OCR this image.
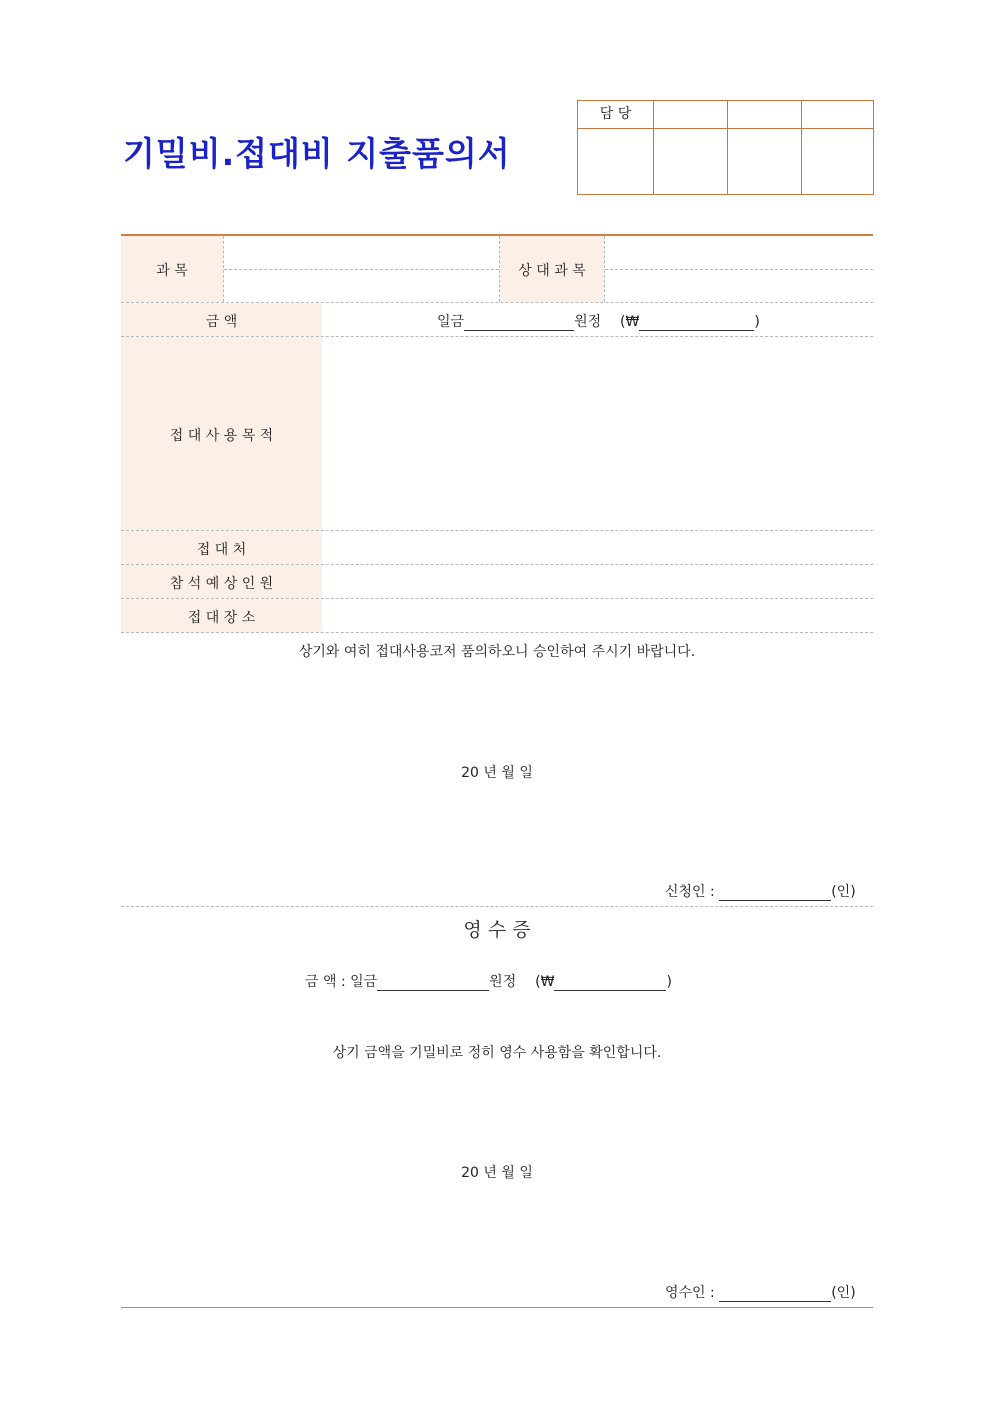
기밀비.접대비 지출품의서
담 당
과 목	상 대 과 목
금 액	일금	원정 (₩	)
접 대 사 용 목 적
접 대 처
참 석 예 상 인 원
접 대 장 소
상기와 여히 접대사용코저 품의하오니 승인하여 주시기 바랍니다.
20 년 월 일
신청인 :	(인)
영 수 증
금 액 : 일금	원정 (₩	)
상기 금액을 기밀비로 정히 영수 사용함을 확인합니다.
20 년 월 일
영수인 :	(인)
